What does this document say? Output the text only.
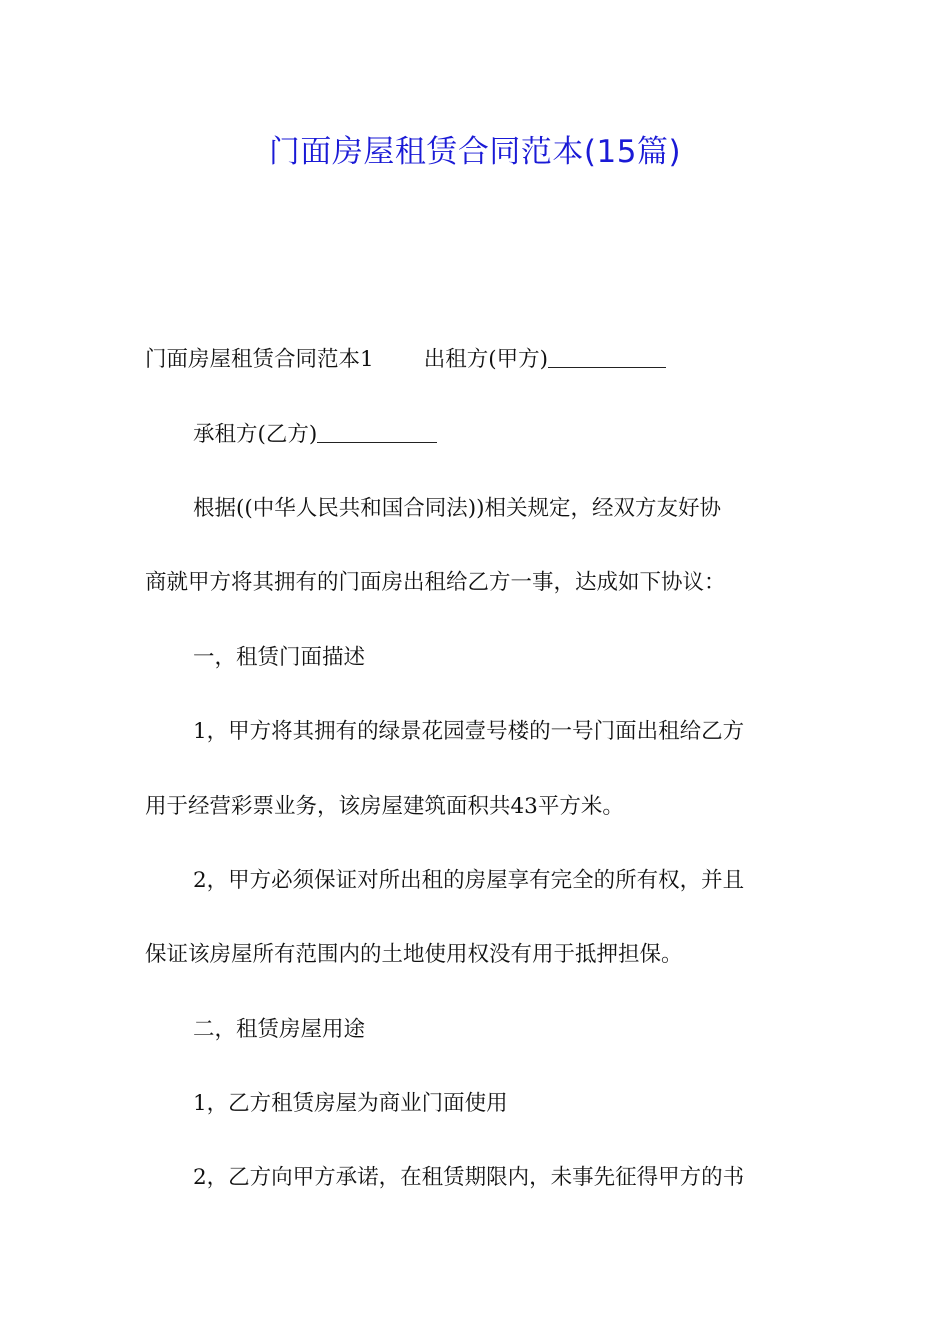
门面房屋租赁合同范本(15篇)
门面房屋租赁合同范本1 出租方(甲方)
承租方(乙方)
根据((中华人民共和国合同法))相关规定，经双方友好协
商就甲方将其拥有的门面房出租给乙方一事，达成如下协议：
一，租赁门面描述
1，甲方将其拥有的绿景花园壹号楼的一号门面出租给乙方
用于经营彩票业务，该房屋建筑面积共43平方米。
2，甲方必须保证对所出租的房屋享有完全的所有权，并且
保证该房屋所有范围内的土地使用权没有用于抵押担保。
二，租赁房屋用途
1，乙方租赁房屋为商业门面使用
2，乙方向甲方承诺，在租赁期限内，未事先征得甲方的书
